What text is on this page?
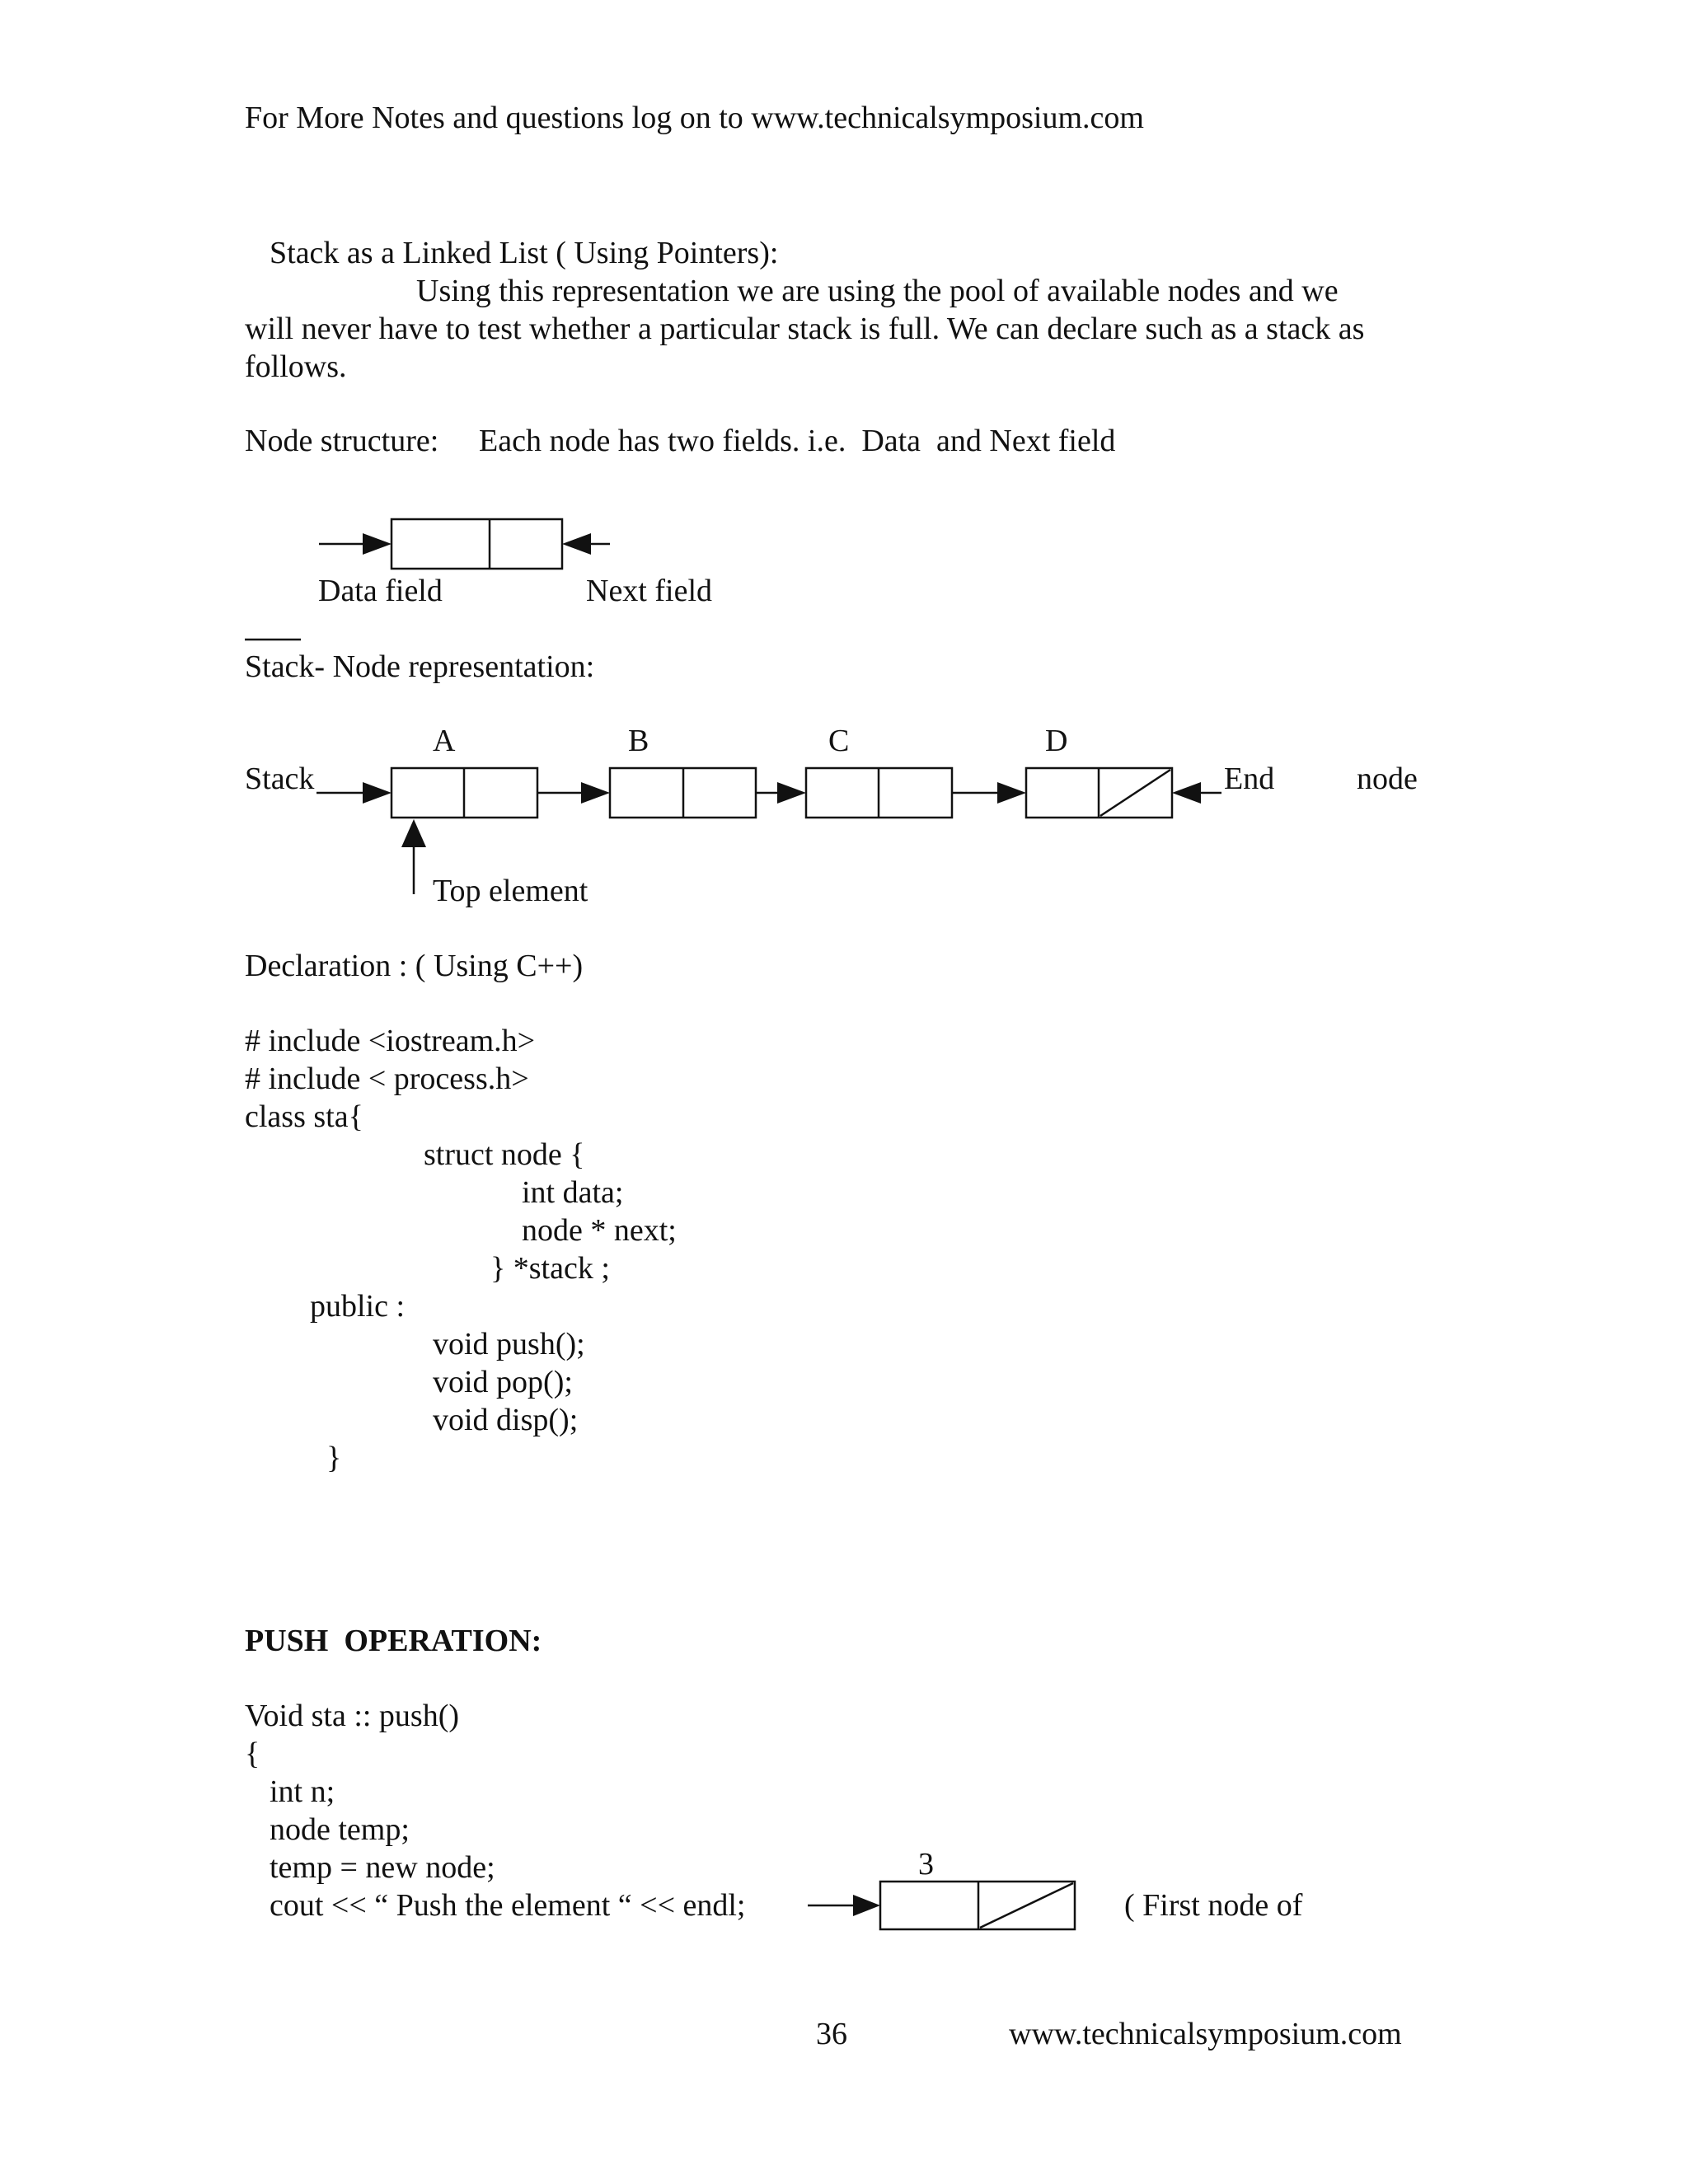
For More Notes and questions log on to www.technicalsymposium.com

Stack as a Linked List ( Using Pointers):

Using this representation we are using the pool of available nodes and we

will never have to test whether a particular stack is full. We can declare such as a stack as

follows.

Node structure: Each node has two fields. i.e.  Data  and Next field

Data field	Next field

Stack- Node representation:

A	B	C	D

Stack	End	node

Top element

Declaration : ( Using C++)

# include <iostream.h>

# include < process.h>

class sta{

struct node {

int data;

node * next;

} *stack ;

public :

void push();

void pop();

void disp();

}

PUSH  OPERATION:

Void sta :: push()

{

int n;

node temp;

temp = new node;

cout << “ Push the element “ << endl;

3

( First node of

36	www.technicalsymposium.com
